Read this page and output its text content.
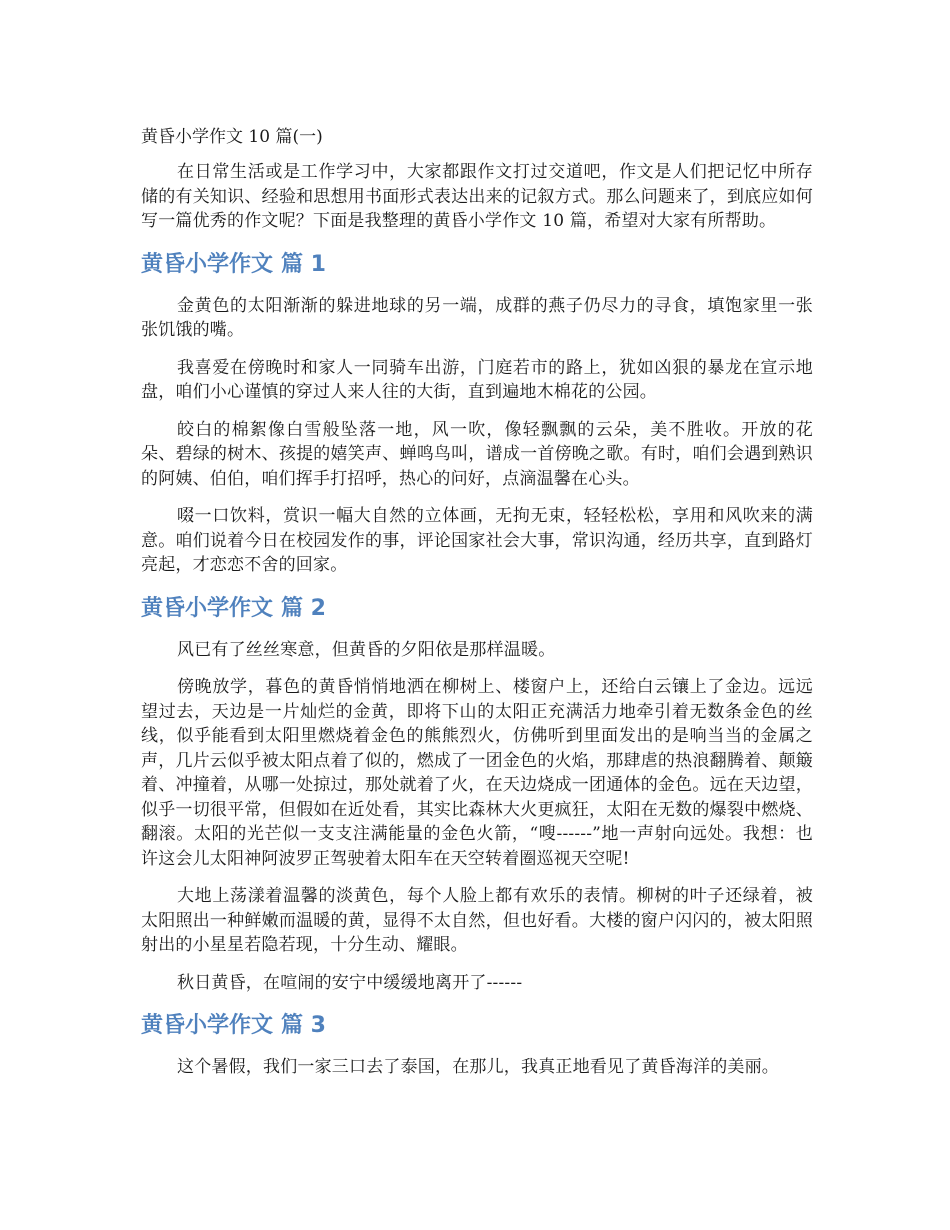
黄昏小学作文 10 篇(一)

在日常生活或是工作学习中，大家都跟作文打过交道吧，作文是人们把记忆中所存储的有关知识、经验和思想用书面形式表达出来的记叙方式。那么问题来了，到底应如何写一篇优秀的作文呢？下面是我整理的黄昏小学作文 10 篇，希望对大家有所帮助。

黄昏小学作文 篇 1

金黄色的太阳渐渐的躲进地球的另一端，成群的燕子仍尽力的寻食，填饱家里一张张饥饿的嘴。

我喜爱在傍晚时和家人一同骑车出游，门庭若市的路上，犹如凶狠的暴龙在宣示地盘，咱们小心谨慎的穿过人来人往的大街，直到遍地木棉花的公园。

皎白的棉絮像白雪般坠落一地，风一吹，像轻飘飘的云朵，美不胜收。开放的花朵、碧绿的树木、孩提的嬉笑声、蝉鸣鸟叫，谱成一首傍晚之歌。有时，咱们会遇到熟识的阿姨、伯伯，咱们挥手打招呼，热心的问好，点滴温馨在心头。

啜一口饮料，赏识一幅大自然的立体画，无拘无束，轻轻松松，享用和风吹来的满意。咱们说着今日在校园发作的事，评论国家社会大事，常识沟通，经历共享，直到路灯亮起，才恋恋不舍的回家。

黄昏小学作文 篇 2

风已有了丝丝寒意，但黄昏的夕阳依是那样温暖。

傍晚放学，暮色的黄昏悄悄地洒在柳树上、楼窗户上，还给白云镶上了金边。远远望过去，天边是一片灿烂的金黄，即将下山的太阳正充满活力地牵引着无数条金色的丝线，似乎能看到太阳里燃烧着金色的熊熊烈火，仿佛听到里面发出的是响当当的金属之声，几片云似乎被太阳点着了似的，燃成了一团金色的火焰，那肆虐的热浪翻腾着、颠簸着、冲撞着，从哪一处掠过，那处就着了火，在天边烧成一团通体的金色。远在天边望，似乎一切很平常，但假如在近处看，其实比森林大火更疯狂，太阳在无数的爆裂中燃烧、翻滚。太阳的光芒似一支支注满能量的金色火箭，“嗖------”地一声射向远处。我想：也许这会儿太阳神阿波罗正驾驶着太阳车在天空转着圈巡视天空呢!

大地上荡漾着温馨的淡黄色，每个人脸上都有欢乐的表情。柳树的叶子还绿着，被太阳照出一种鲜嫩而温暖的黄，显得不太自然，但也好看。大楼的窗户闪闪的，被太阳照射出的小星星若隐若现，十分生动、耀眼。

秋日黄昏，在喧闹的安宁中缓缓地离开了------

黄昏小学作文 篇 3

这个暑假，我们一家三口去了泰国，在那儿，我真正地看见了黄昏海洋的美丽。
